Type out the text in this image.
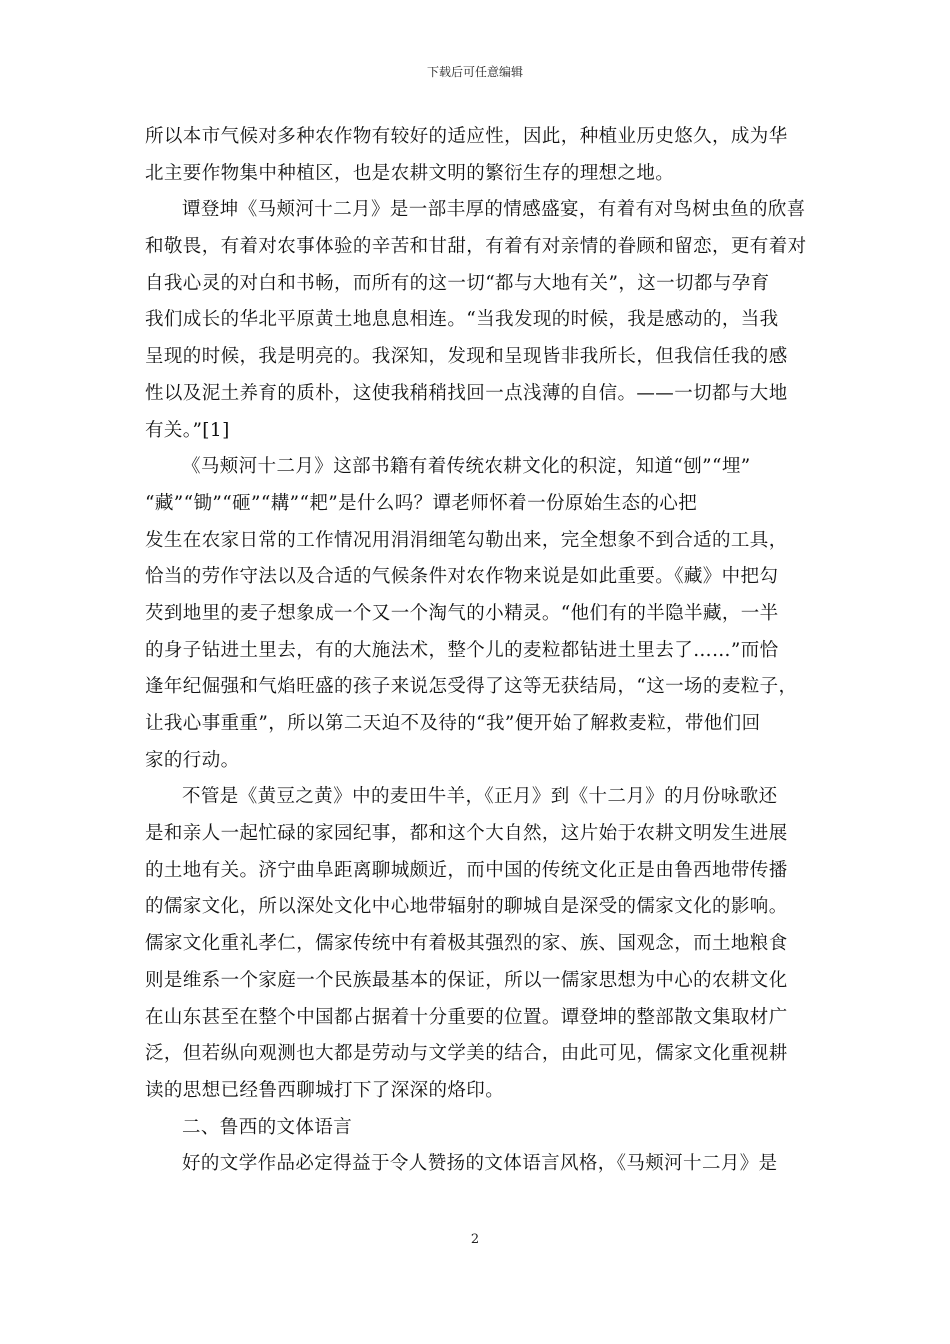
下载后可任意编辑
所以本市气候对多种农作物有较好的适应性，因此，种植业历史悠久，成为华
北主要作物集中种植区，也是农耕文明的繁衍生存的理想之地。
谭登坤《马颊河十二月》是一部丰厚的情感盛宴，有着有对鸟树虫鱼的欣喜
和敬畏，有着对农事体验的辛苦和甘甜，有着有对亲情的眷顾和留恋，更有着对
自我心灵的对白和书畅，而所有的这一切“都与大地有关”，这一切都与孕育
我们成长的华北平原黄土地息息相连。“当我发现的时候，我是感动的，当我
呈现的时候，我是明亮的。我深知，发现和呈现皆非我所长，但我信任我的感
性以及泥土养育的质朴，这使我稍稍找回一点浅薄的自信。——一切都与大地
有关。”[1]
《马颊河十二月》这部书籍有着传统农耕文化的积淀，知道“刨”“埋”
“藏”“锄”“砸”“耩”“耙”是什么吗？谭老师怀着一份原始生态的心把
发生在农家日常的工作情况用涓涓细笔勾勒出来，完全想象不到合适的工具，
恰当的劳作守法以及合适的气候条件对农作物来说是如此重要。《藏》中把勾
芡到地里的麦子想象成一个又一个淘气的小精灵。“他们有的半隐半藏，一半
的身子钻进土里去，有的大施法术，整个儿的麦粒都钻进土里去了……”而恰
逢年纪倔强和气焰旺盛的孩子来说怎受得了这等无获结局，“这一场的麦粒子，
让我心事重重”，所以第二天迫不及待的“我”便开始了解救麦粒，带他们回
家的行动。
不管是《黄豆之黄》中的麦田牛羊，《正月》到《十二月》的月份咏歌还
是和亲人一起忙碌的家园纪事，都和这个大自然，这片始于农耕文明发生进展
的土地有关。济宁曲阜距离聊城颇近，而中国的传统文化正是由鲁西地带传播
的儒家文化，所以深处文化中心地带辐射的聊城自是深受的儒家文化的影响。
儒家文化重礼孝仁，儒家传统中有着极其强烈的家、族、国观念，而土地粮食
则是维系一个家庭一个民族最基本的保证，所以一儒家思想为中心的农耕文化
在山东甚至在整个中国都占据着十分重要的位置。谭登坤的整部散文集取材广
泛，但若纵向观测也大都是劳动与文学美的结合，由此可见，儒家文化重视耕
读的思想已经鲁西聊城打下了深深的烙印。
二、鲁西的文体语言
好的文学作品必定得益于令人赞扬的文体语言风格，《马颊河十二月》是
2
